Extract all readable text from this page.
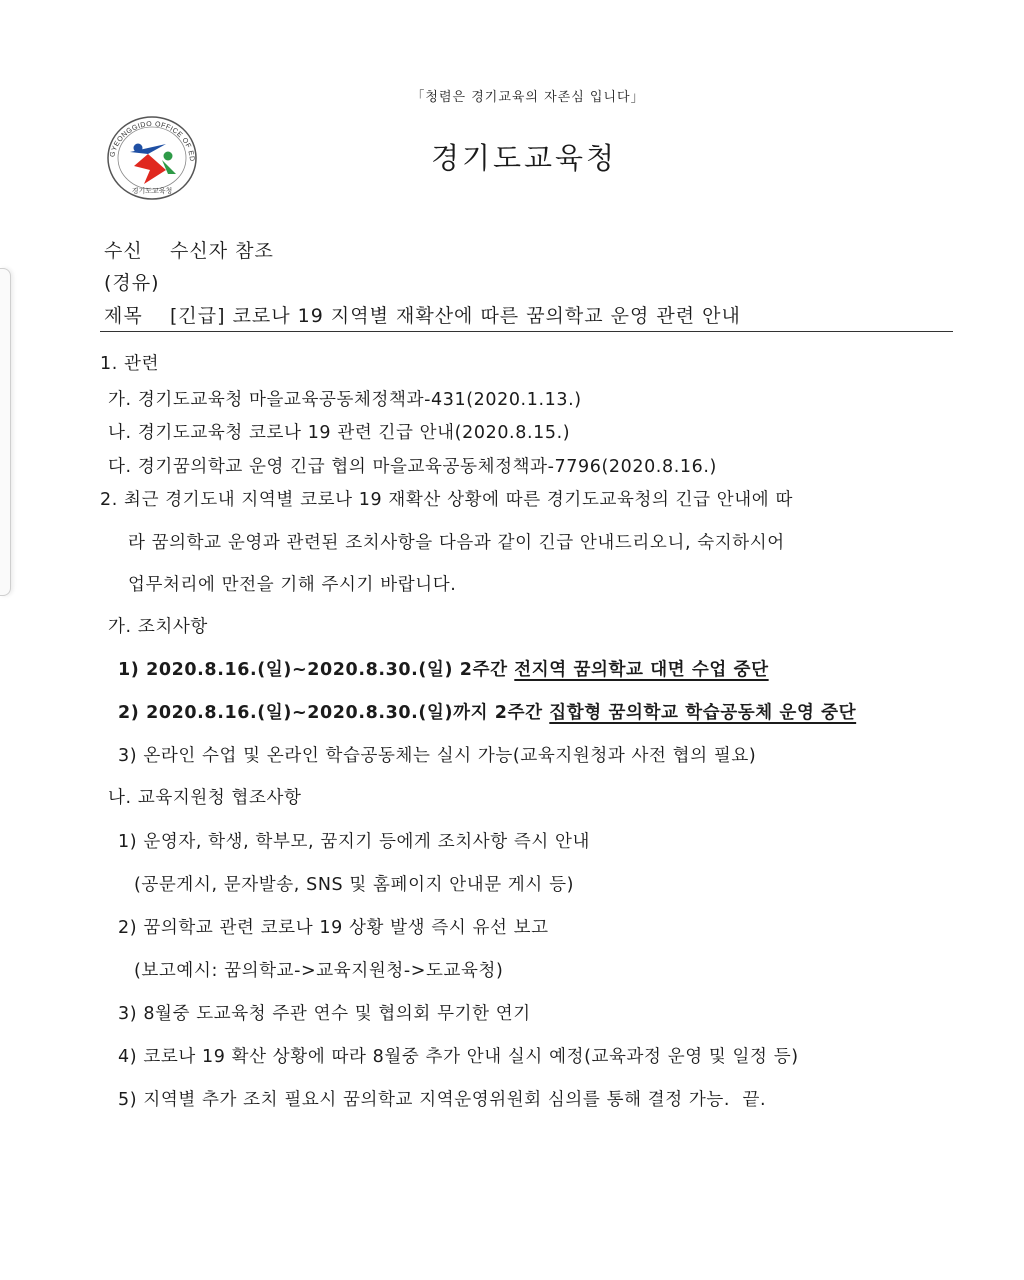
「청렴은 경기교육의 자존심 입니다」
GYEONGGIDO OFFICE OF ED
경기도교육청
경기도교육청
수신 수신자 참조
(경유)
제목 [긴급] 코로나 19 지역별 재확산에 따른 꿈의학교 운영 관련 안내
1. 관련
가. 경기도교육청 마을교육공동체정책과-431(2020.1.13.)
나. 경기도교육청 코로나 19 관련 긴급 안내(2020.8.15.)
다. 경기꿈의학교 운영 긴급 협의 마을교육공동체정책과-7796(2020.8.16.)
2. 최근 경기도내 지역별 코로나 19 재확산 상황에 따른 경기도교육청의 긴급 안내에 따
라 꿈의학교 운영과 관련된 조치사항을 다음과 같이 긴급 안내드리오니, 숙지하시어
업무처리에 만전을 기해 주시기 바랍니다.
가. 조치사항
1) 2020.8.16.(일)~2020.8.30.(일) 2주간 전지역 꿈의학교 대면 수업 중단
2) 2020.8.16.(일)~2020.8.30.(일)까지 2주간 집합형 꿈의학교 학습공동체 운영 중단
3) 온라인 수업 및 온라인 학습공동체는 실시 가능(교육지원청과 사전 협의 필요)
나. 교육지원청 협조사항
1) 운영자, 학생, 학부모, 꿈지기 등에게 조치사항 즉시 안내
(공문게시, 문자발송, SNS 및 홈페이지 안내문 게시 등)
2) 꿈의학교 관련 코로나 19 상황 발생 즉시 유선 보고
(보고예시: 꿈의학교->교육지원청->도교육청)
3) 8월중 도교육청 주관 연수 및 협의회 무기한 연기
4) 코로나 19 확산 상황에 따라 8월중 추가 안내 실시 예정(교육과정 운영 및 일정 등)
5) 지역별 추가 조치 필요시 꿈의학교 지역운영위원회 심의를 통해 결정 가능. 끝.
